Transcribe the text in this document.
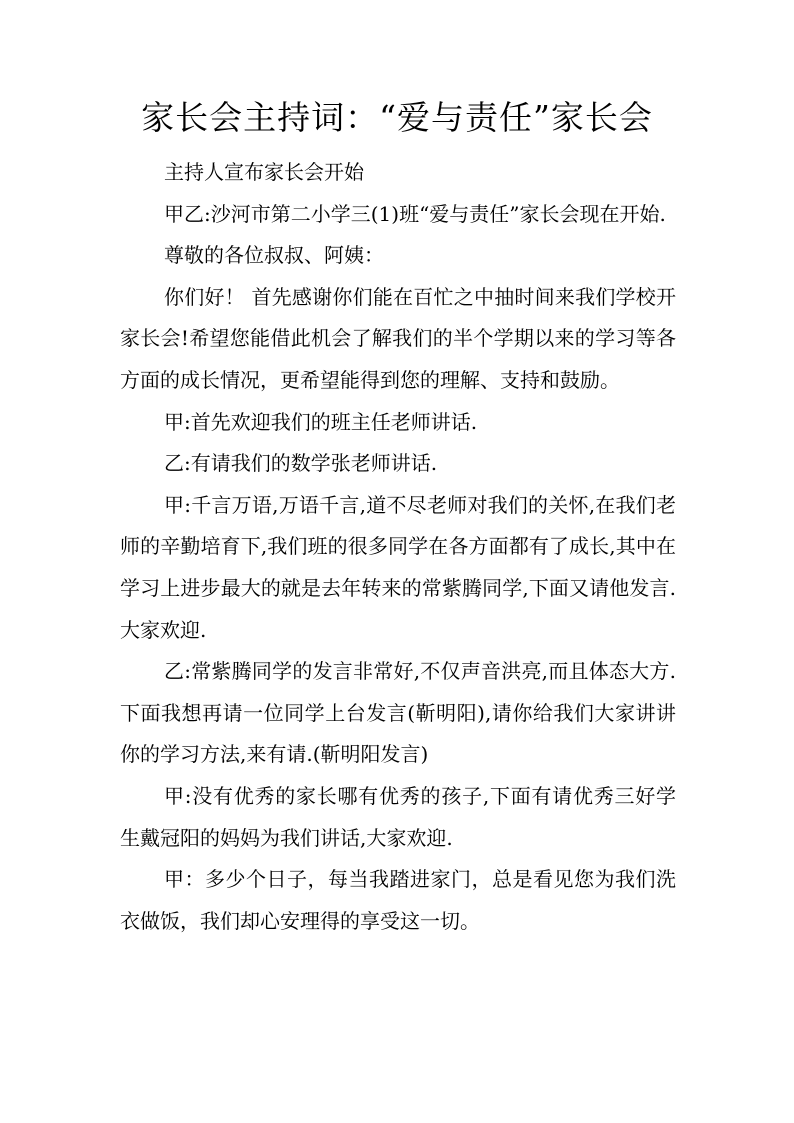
家长会主持词：“爱与责任”家长会

主持人宣布家长会开始

甲乙:沙河市第二小学三(1)班“爱与责任”家长会现在开始.

尊敬的各位叔叔、阿姨：

你们好！ 首先感谢你们能在百忙之中抽时间来我们学校开家长会!希望您能借此机会了解我们的半个学期以来的学习等各方面的成长情况，更希望能得到您的理解、支持和鼓励。

甲:首先欢迎我们的班主任老师讲话.

乙:有请我们的数学张老师讲话.

甲:千言万语,万语千言,道不尽老师对我们的关怀,在我们老师的辛勤培育下,我们班的很多同学在各方面都有了成长,其中在学习上进步最大的就是去年转来的常紫腾同学,下面又请他发言.大家欢迎.

乙:常紫腾同学的发言非常好,不仅声音洪亮,而且体态大方.下面我想再请一位同学上台发言(靳明阳),请你给我们大家讲讲你的学习方法,来有请.(靳明阳发言)

甲:没有优秀的家长哪有优秀的孩子,下面有请优秀三好学生戴冠阳的妈妈为我们讲话,大家欢迎.

甲：多少个日子，每当我踏进家门，总是看见您为我们洗衣做饭，我们却心安理得的享受这一切。
